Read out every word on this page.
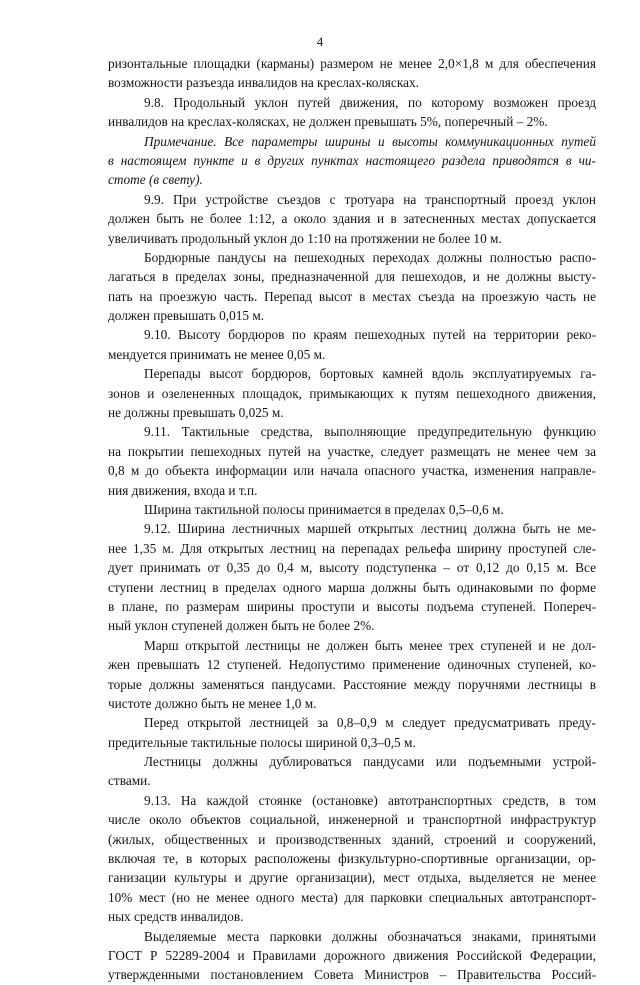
4
ризонтальные площадки (карманы) размером не менее 2,0×1,8 м для обеспечения
возможности разъезда инвалидов на креслах-колясках.
9.8. Продольный уклон путей движения, по которому возможен проезд
инвалидов на креслах-колясках, не должен превышать 5%, поперечный – 2%.
Примечание. Все параметры ширины и высоты коммуникационных путей
в настоящем пункте и в других пунктах настоящего раздела приводятся в чи-
стоте (в свету).
9.9. При устройстве съездов с тротуара на транспортный проезд уклон
должен быть не более 1:12, а около здания и в затесненных местах допускается
увеличивать продольный уклон до 1:10 на протяжении не более 10 м.
Бордюрные пандусы на пешеходных переходах должны полностью распо-
лагаться в пределах зоны, предназначенной для пешеходов, и не должны высту-
пать на проезжую часть. Перепад высот в местах съезда на проезжую часть не
должен превышать 0,015 м.
9.10. Высоту бордюров по краям пешеходных путей на территории реко-
мендуется принимать не менее 0,05 м.
Перепады высот бордюров, бортовых камней вдоль эксплуатируемых га-
зонов и озелененных площадок, примыкающих к путям пешеходного движения,
не должны превышать 0,025 м.
9.11. Тактильные средства, выполняющие предупредительную функцию
на покрытии пешеходных путей на участке, следует размещать не менее чем за
0,8 м до объекта информации или начала опасного участка, изменения направле-
ния движения, входа и т.п.
Ширина тактильной полосы принимается в пределах 0,5–0,6 м.
9.12. Ширина лестничных маршей открытых лестниц должна быть не ме-
нее 1,35 м. Для открытых лестниц на перепадах рельефа ширину проступей сле-
дует принимать от 0,35 до 0,4 м, высоту подступенка – от 0,12 до 0,15 м. Все
ступени лестниц в пределах одного марша должны быть одинаковыми по форме
в плане, по размерам ширины проступи и высоты подъема ступеней. Попереч-
ный уклон ступеней должен быть не более 2%.
Марш открытой лестницы не должен быть менее трех ступеней и не дол-
жен превышать 12 ступеней. Недопустимо применение одиночных ступеней, ко-
торые должны заменяться пандусами. Расстояние между поручнями лестницы в
чистоте должно быть не менее 1,0 м.
Перед открытой лестницей за 0,8–0,9 м следует предусматривать преду-
предительные тактильные полосы шириной 0,3–0,5 м.
Лестницы должны дублироваться пандусами или подъемными устрой-
ствами.
9.13. На каждой стоянке (остановке) автотранспортных средств, в том
числе около объектов социальной, инженерной и транспортной инфраструктур
(жилых, общественных и производственных зданий, строений и сооружений,
включая те, в которых расположены физкультурно-спортивные организации, ор-
ганизации культуры и другие организации), мест отдыха, выделяется не менее
10% мест (но не менее одного места) для парковки специальных автотранспорт-
ных средств инвалидов.
Выделяемые места парковки должны обозначаться знаками, принятыми
ГОСТ Р 52289-2004 и Правилами дорожного движения Российской Федерации,
утвержденными постановлением Совета Министров – Правительства Россий-
